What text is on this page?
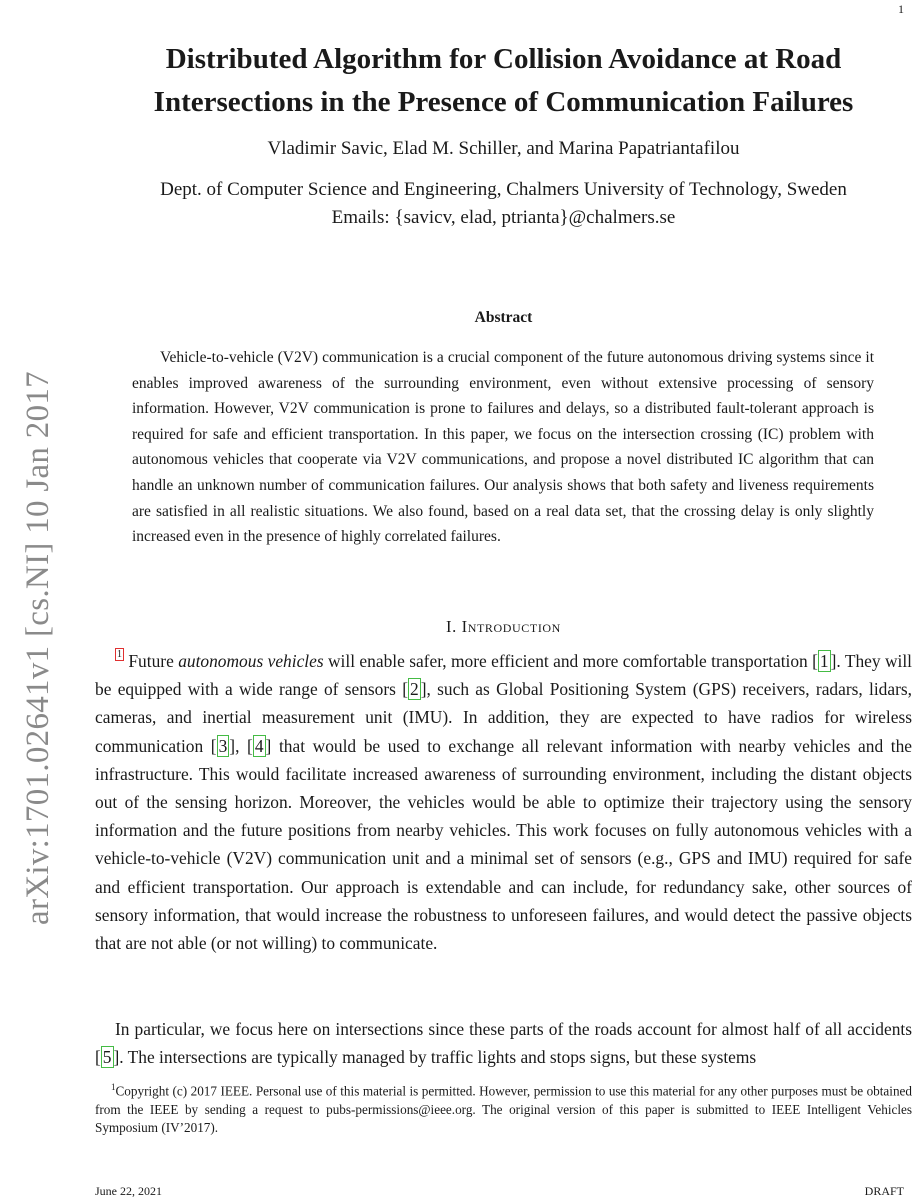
1
arXiv:1701.02641v1 [cs.NI] 10 Jan 2017
Distributed Algorithm for Collision Avoidance at Road
Intersections in the Presence of Communication Failures
Vladimir Savic, Elad M. Schiller, and Marina Papatriantafilou
Dept. of Computer Science and Engineering, Chalmers University of Technology, Sweden
Emails: {savicv, elad, ptrianta}@chalmers.se
Abstract

Vehicle-to-vehicle (V2V) communication is a crucial component of the future autonomous driving systems since it enables improved awareness of the surrounding environment, even without extensive processing of sensory information. However, V2V communication is prone to failures and delays, so a distributed fault-tolerant approach is required for safe and efficient transportation. In this paper, we focus on the intersection crossing (IC) problem with autonomous vehicles that cooperate via V2V communications, and propose a novel distributed IC algorithm that can handle an unknown number of communication failures. Our analysis shows that both safety and liveness requirements are satisfied in all realistic situations. We also found, based on a real data set, that the crossing delay is only slightly increased even in the presence of highly correlated failures.

I. Introduction

$^1$ Future autonomous vehicles will enable safer, more efficient and more comfortable transportation [ 1 ]. They will be equipped with a wide range of sensors [ 2 ], such as Global Positioning System (GPS) receivers, radars, lidars, cameras, and inertial measurement unit (IMU). In addition, they are expected to have radios for wireless communication [ 3 ], [ 4 ] that would be used to exchange all relevant information with nearby vehicles and the infrastructure. This would facilitate increased awareness of surrounding environment, including the distant objects out of the sensing horizon. Moreover, the vehicles would be able to optimize their trajectory using the sensory information and the future positions from nearby vehicles. This work focuses on fully autonomous vehicles with a vehicle-to-vehicle (V2V) communication unit and a minimal set of sensors (e.g., GPS and IMU) required for safe and efficient transportation. Our approach is extendable and can include, for redundancy sake, other sources of sensory information, that would increase the robustness to unforeseen failures, and would detect the passive objects that are not able (or not willing) to communicate.

In particular, we focus here on intersections since these parts of the roads account for almost half of all accidents [ 5 ]. The intersections are typically managed by traffic lights and stops signs, but these systems

$^1$Copyright (c) 2017 IEEE. Personal use of this material is permitted. However, permission to use this material for any other purposes must be obtained from the IEEE by sending a request to pubs-permissions@ieee.org. The original version of this paper is submitted to IEEE Intelligent Vehicles Symposium (IV’2017).

June 22, 2021	DRAFT
